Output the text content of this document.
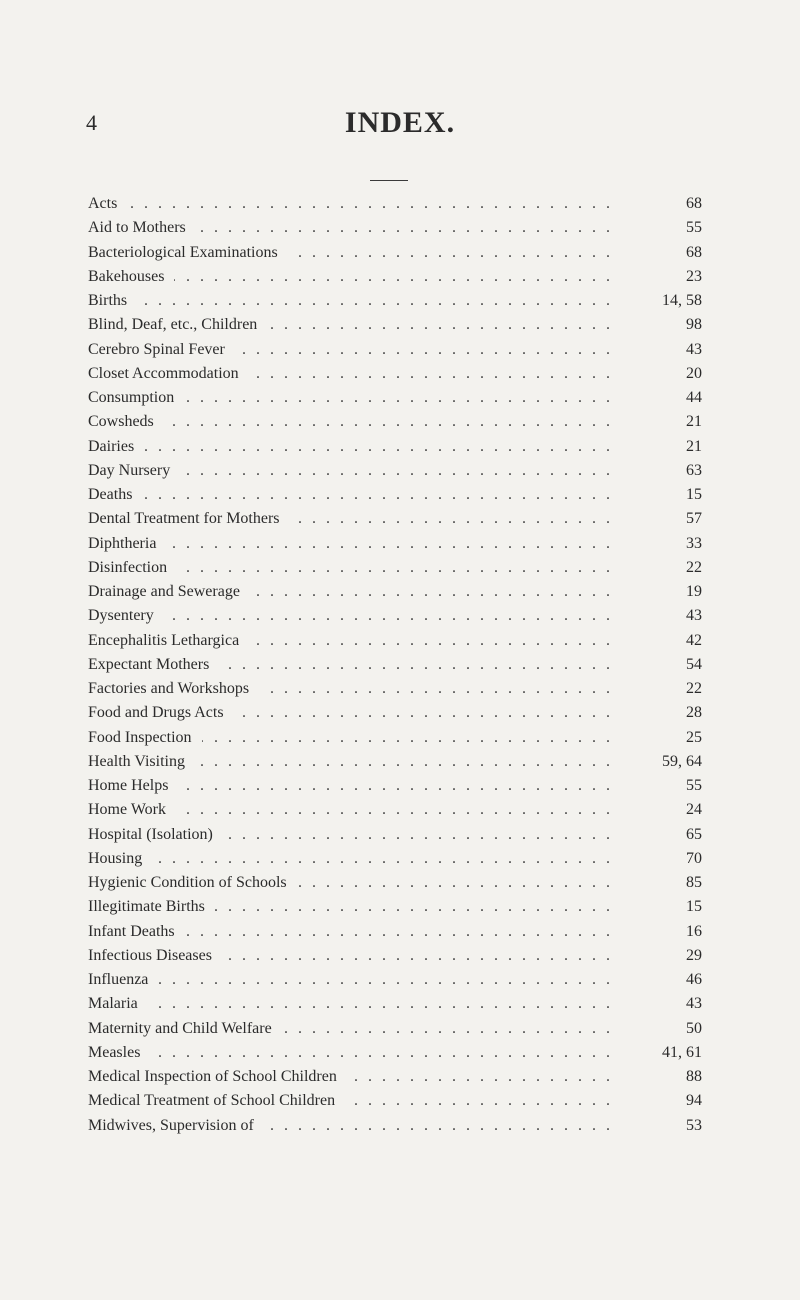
4	INDEX.
. . .
Acts	68
. . .
Aid to Mothers	55
. . .
Bacteriological Examinations	68
. . .
Bakehouses	23
. . .
Births	14, 58
. . .
Blind, Deaf, etc., Children	98
. . .
Cerebro Spinal Fever	43
. . .
Closet Accommodation	20
. . .
Consumption	44
. . .
Cowsheds	21
. . .
Dairies	21
. . .
Day Nursery	63
. . .
Deaths	15
. . .
Dental Treatment for Mothers	57
. . .
Diphtheria	33
. . .
Disinfection	22
. . .
Drainage and Sewerage	19
. . .
Dysentery	43
. . .
Encephalitis Lethargica	42
. . .
Expectant Mothers	54
. . .
Factories and Workshops	22
. . .
Food and Drugs Acts	28
. . .
Food Inspection	25
. . .
Health Visiting	59, 64
. . .
Home Helps	55
. . .
Home Work	24
. . .
Hospital (Isolation)	65
. . .
Housing	70
. . .
Hygienic Condition of Schools	85
. . .
Illegitimate Births	15
. . .
Infant Deaths	16
. . .
Infectious Diseases	29
. . .
Influenza	46
. . .
Malaria	43
. . .
Maternity and Child Welfare	50
. . .
Measles	41, 61
. . .
Medical Inspection of School Children	88
. . .
Medical Treatment of School Children	94
. . .
Midwives, Supervision of	53
